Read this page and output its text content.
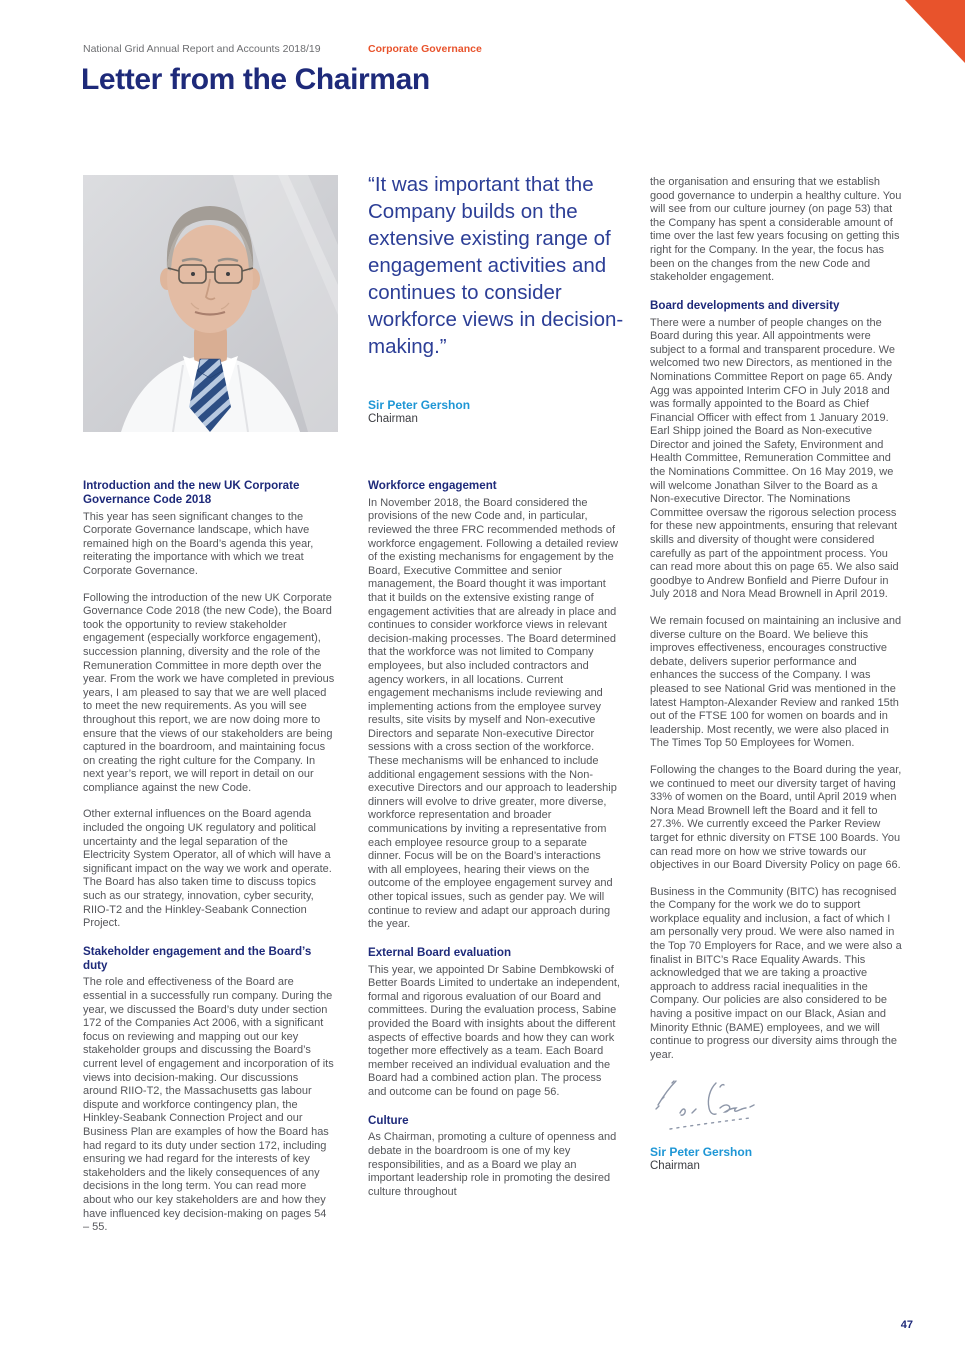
National Grid Annual Report and Accounts 2018/19	Corporate Governance
Letter from the Chairman
“It was important that the Company builds on the extensive existing range of engagement activities and continues to consider workforce views in decision-making.”
Sir Peter Gershon
Chairman
Introduction and the new UK Corporate Governance Code 2018

This year has seen significant changes to the Corporate Governance landscape, which have remained high on the Board’s agenda this year, reiterating the importance with which we treat Corporate Governance.

Following the introduction of the new UK Corporate Governance Code 2018 (the new Code), the Board took the opportunity to review stakeholder engagement (especially workforce engagement), succession planning, diversity and the role of the Remuneration Committee in more depth over the year. From the work we have completed in previous years, I am pleased to say that we are well placed to meet the new requirements. As you will see throughout this report, we are now doing more to ensure that the views of our stakeholders are being captured in the boardroom, and maintaining focus on creating the right culture for the Company. In next year’s report, we will report in detail on our compliance against the new Code.

Other external influences on the Board agenda included the ongoing UK regulatory and political uncertainty and the legal separation of the Electricity System Operator, all of which will have a significant impact on the way we work and operate. The Board has also taken time to discuss topics such as our strategy, innovation, cyber security, RIIO-T2 and the Hinkley-Seabank Connection Project.

Stakeholder engagement and the Board’s duty

The role and effectiveness of the Board are essential in a successfully run company. During the year, we discussed the Board’s duty under section 172 of the Companies Act 2006, with a significant focus on reviewing and mapping out our key stakeholder groups and discussing the Board’s current level of engagement and incorporation of its views into decision-making. Our discussions around RIIO-T2, the Massachusetts gas labour dispute and workforce contingency plan, the Hinkley-Seabank Connection Project and our Business Plan are examples of how the Board has had regard to its duty under section 172, including ensuring we had regard for the interests of key stakeholders and the likely consequences of any decisions in the long term. You can read more about who our key stakeholders are and how they have influenced key decision-making on pages 54 – 55.

Workforce engagement

In November 2018, the Board considered the provisions of the new Code and, in particular, reviewed the three FRC recommended methods of workforce engagement. Following a detailed review of the existing mechanisms for engagement by the Board, Executive Committee and senior management, the Board thought it was important that it builds on the extensive existing range of engagement activities that are already in place and continues to consider workforce views in relevant decision-making processes. The Board determined that the workforce was not limited to Company employees, but also included contractors and agency workers, in all locations. Current engagement mechanisms include reviewing and implementing actions from the employee survey results, site visits by myself and Non-executive Directors and separate Non-executive Director sessions with a cross section of the workforce. These mechanisms will be enhanced to include additional engagement sessions with the Non-executive Directors and our approach to leadership dinners will evolve to drive greater, more diverse, workforce representation and broader communications by inviting a representative from each employee resource group to a separate dinner. Focus will be on the Board’s interactions with all employees, hearing their views on the outcome of the employee engagement survey and other topical issues, such as gender pay. We will continue to review and adapt our approach during the year.

External Board evaluation

This year, we appointed Dr Sabine Dembkowski of Better Boards Limited to undertake an independent, formal and rigorous evaluation of our Board and committees. During the evaluation process, Sabine provided the Board with insights about the different aspects of effective boards and how they can work together more effectively as a team. Each Board member received an individual evaluation and the Board had a combined action plan. The process and outcome can be found on page 56.

Culture

As Chairman, promoting a culture of openness and debate in the boardroom is one of my key responsibilities, and as a Board we play an important leadership role in promoting the desired culture throughout

the organisation and ensuring that we establish good governance to underpin a healthy culture. You will see from our culture journey (on page 53) that the Company has spent a considerable amount of time over the last few years focusing on getting this right for the Company. In the year, the focus has been on the changes from the new Code and stakeholder engagement.

Board developments and diversity

There were a number of people changes on the Board during this year. All appointments were subject to a formal and transparent procedure. We welcomed two new Directors, as mentioned in the Nominations Committee Report on page 65. Andy Agg was appointed Interim CFO in July 2018 and was formally appointed to the Board as Chief Financial Officer with effect from 1 January 2019. Earl Shipp joined the Board as Non-executive Director and joined the Safety, Environment and Health Committee, Remuneration Committee and the Nominations Committee. On 16 May 2019, we will welcome Jonathan Silver to the Board as a Non-executive Director. The Nominations Committee oversaw the rigorous selection process for these new appointments, ensuring that relevant skills and diversity of thought were considered carefully as part of the appointment process. You can read more about this on page 65. We also said goodbye to Andrew Bonfield and Pierre Dufour in July 2018 and Nora Mead Brownell in April 2019.

We remain focused on maintaining an inclusive and diverse culture on the Board. We believe this improves effectiveness, encourages constructive debate, delivers superior performance and enhances the success of the Company. I was pleased to see National Grid was mentioned in the latest Hampton-Alexander Review and ranked 15th out of the FTSE 100 for women on boards and in leadership. Most recently, we were also placed in The Times Top 50 Employees for Women.

Following the changes to the Board during the year, we continued to meet our diversity target of having 33% of women on the Board, until April 2019 when Nora Mead Brownell left the Board and it fell to 27.3%. We currently exceed the Parker Review target for ethnic diversity on FTSE 100 Boards. You can read more on how we strive towards our objectives in our Board Diversity Policy on page 66.

Business in the Community (BITC) has recognised the Company for the work we do to support workplace equality and inclusion, a fact of which I am personally very proud. We were also named in the Top 70 Employers for Race, and we were also a finalist in BITC’s Race Equality Awards. This acknowledged that we are taking a proactive approach to address racial inequalities in the Company. Our policies are also considered to be having a positive impact on our Black, Asian and Minority Ethnic (BAME) employees, and we will continue to progress our diversity aims through the year.

Sir Peter Gershon
Chairman
47
